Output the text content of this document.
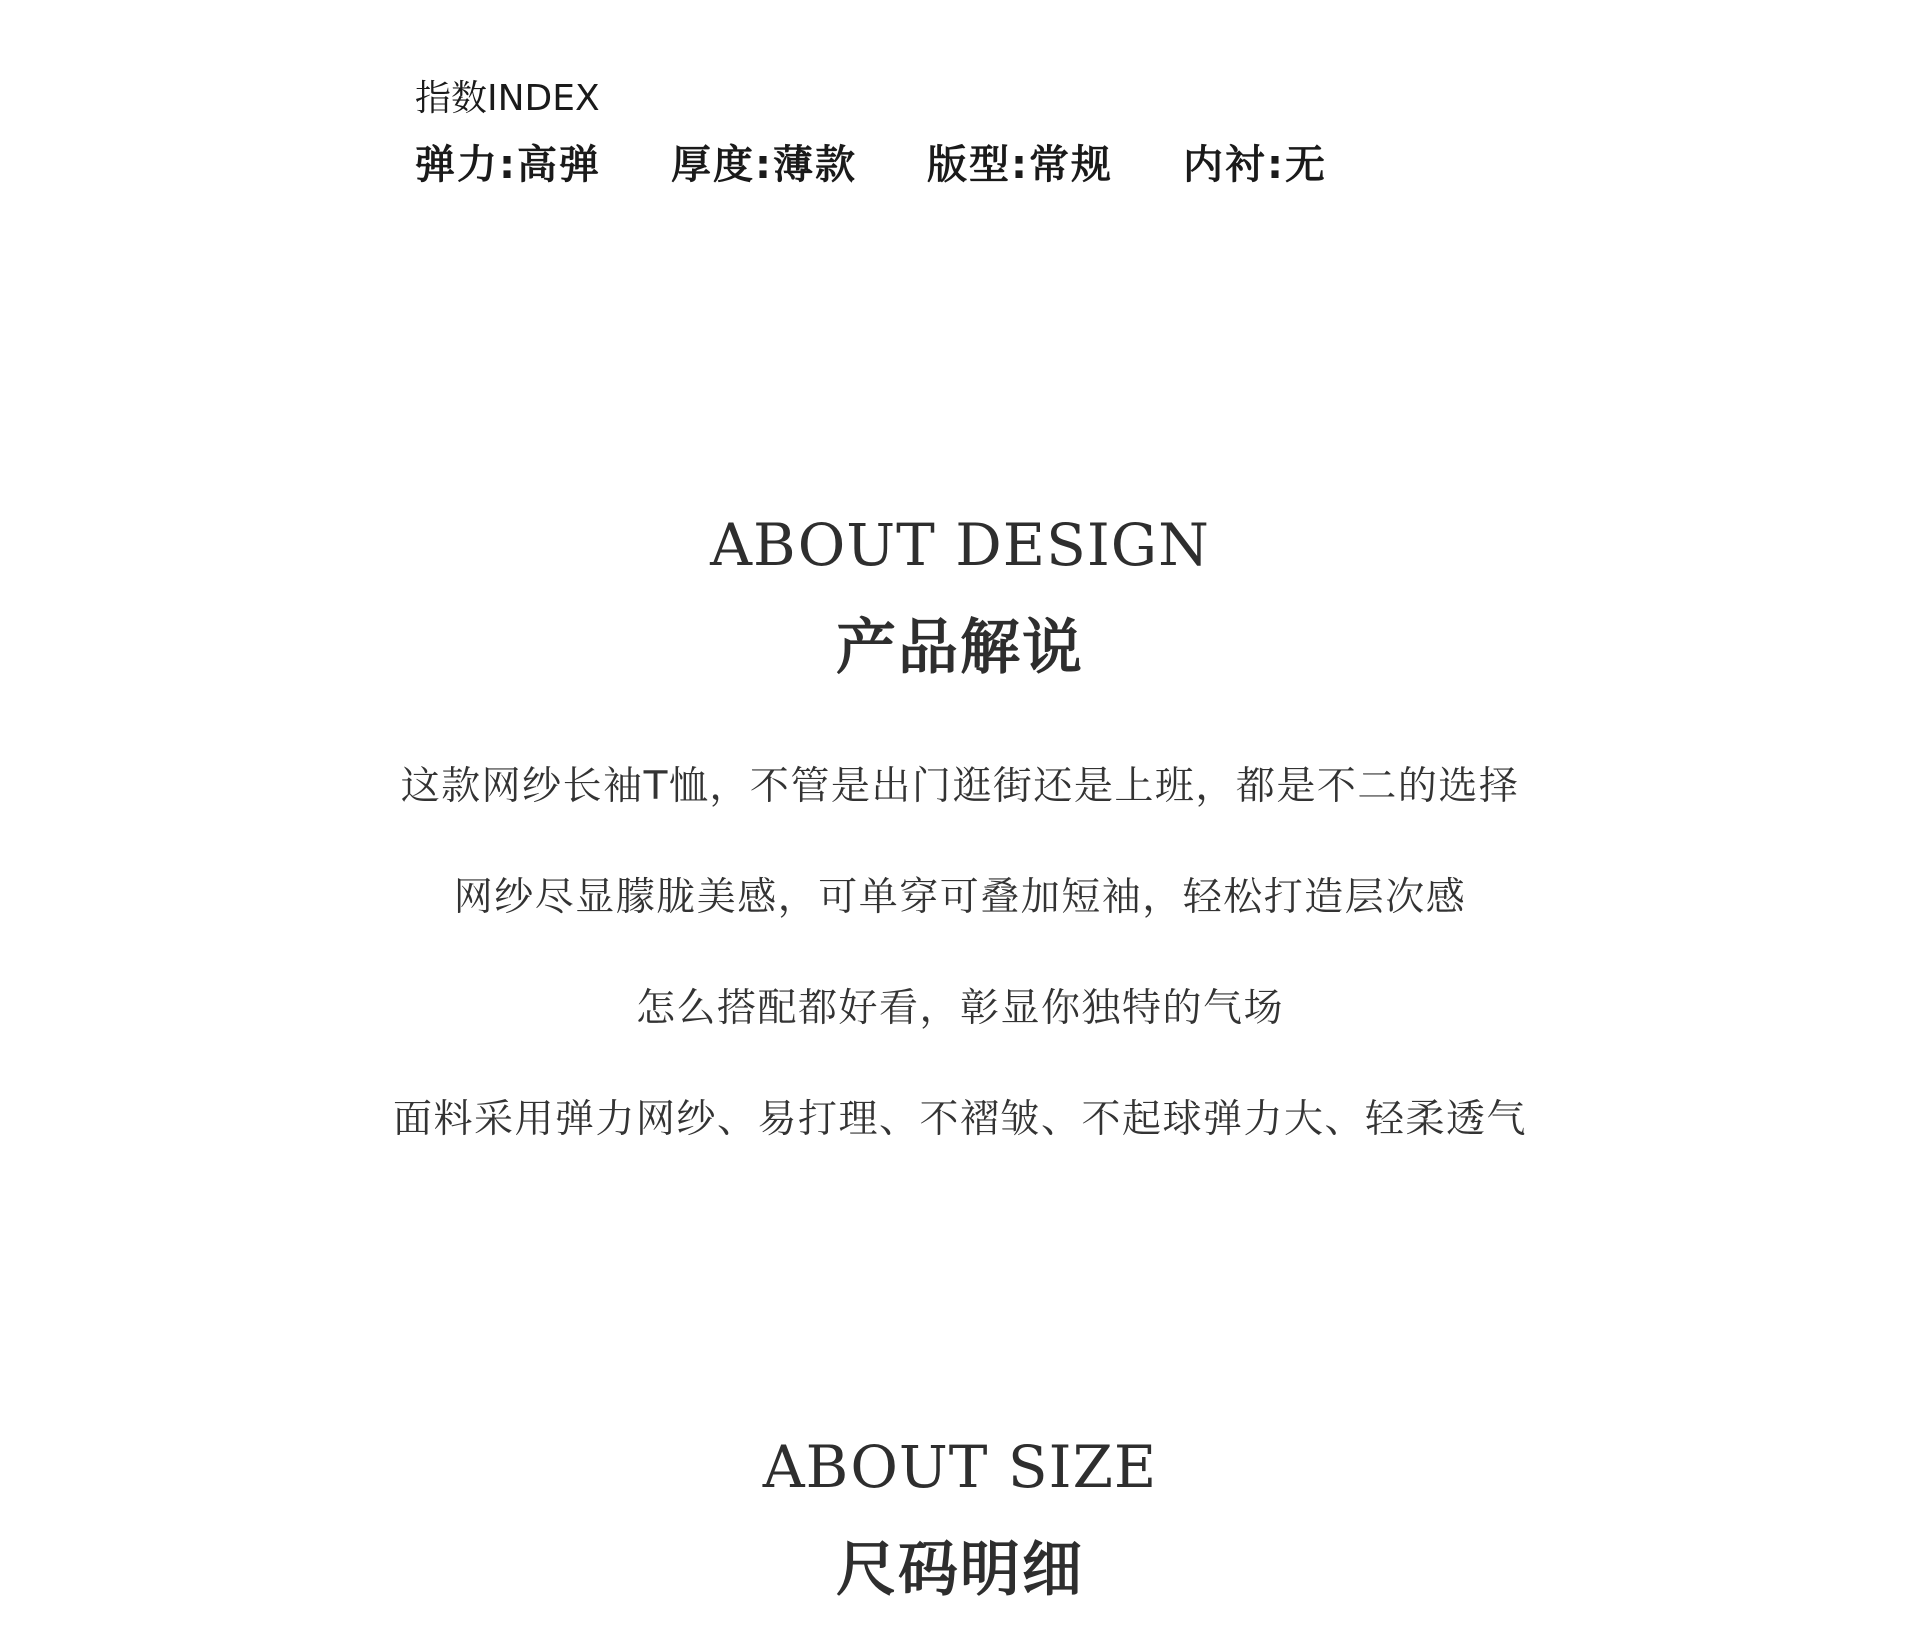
指数INDEX
弹力:高弹 厚度:薄款 版型:常规 内衬:无
ABOUT DESIGN
产品解说

这款网纱长袖T恤，不管是出门逛街还是上班，都是不二的选择

网纱尽显朦胧美感，可单穿可叠加短袖，轻松打造层次感

怎么搭配都好看，彰显你独特的气场

面料采用弹力网纱、易打理、不褶皱、不起球弹力大、轻柔透气

ABOUT SIZE
尺码明细
